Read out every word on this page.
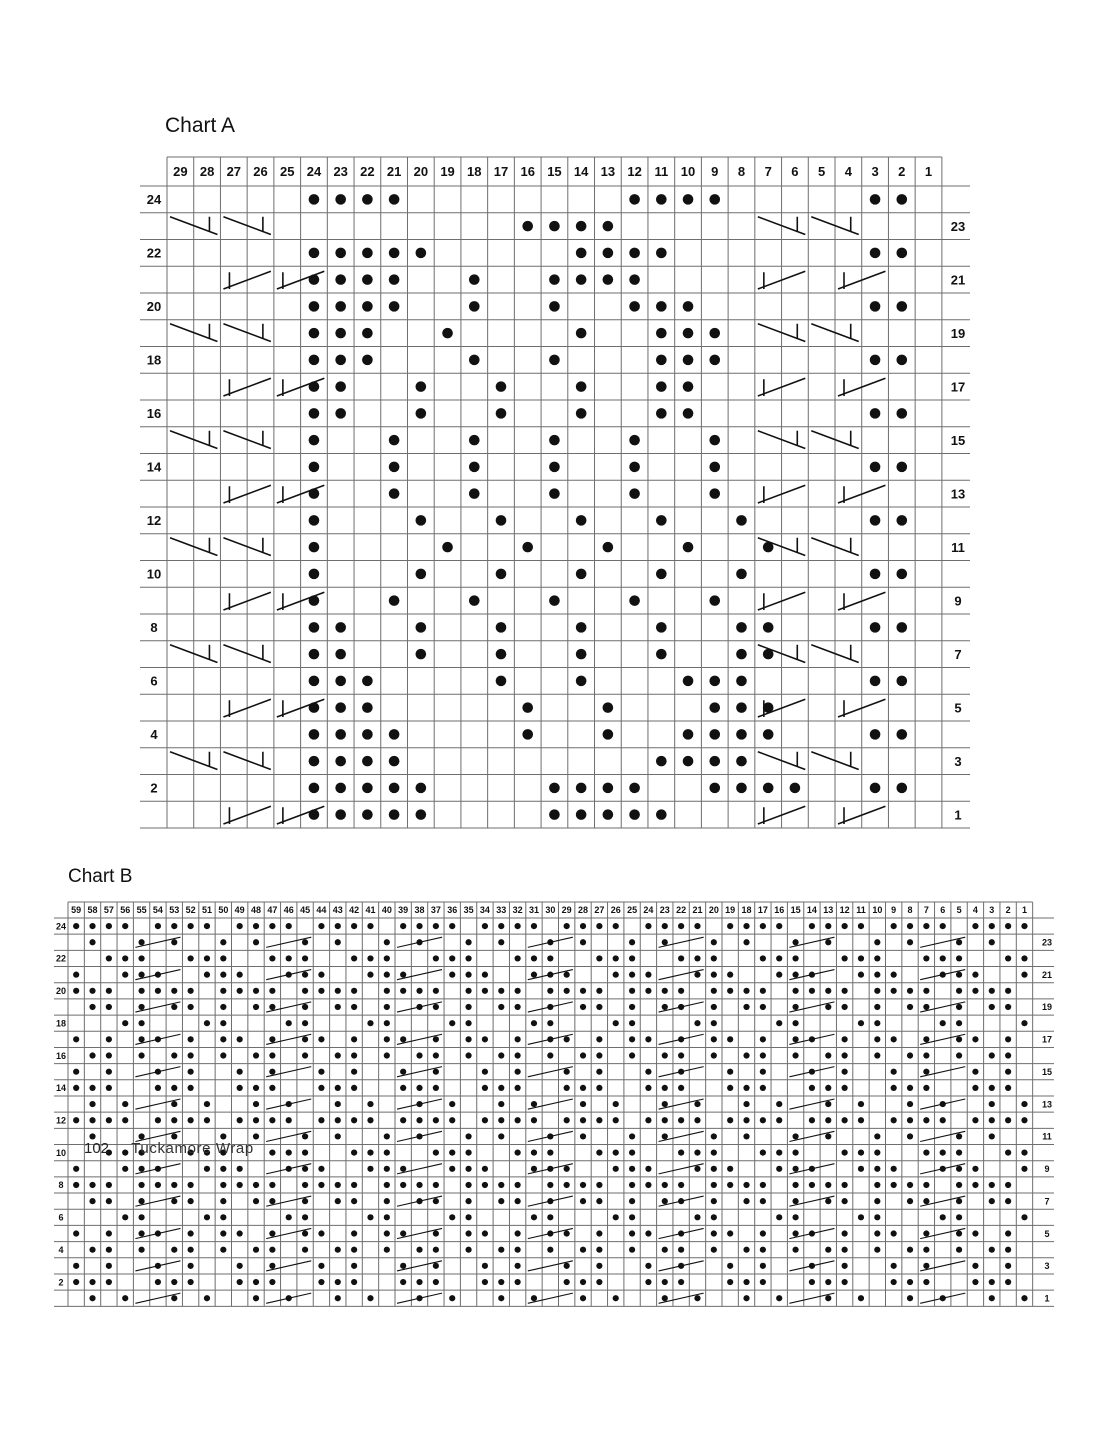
Chart A
29 28 27 26 25 24 23 22 21 20 19 18 17 16 15 14 13 12 11 10 9 8 7 6 5 4 3 2 1
24
22
20
18
16
14
12
10
8
6
4
2
23
21
19
17
15
13
11
9
7
5
3
1
Chart B
59 58 57 56 55 54 53 52 51 50 49 48 47 46 45 44 43 42 41 40 39 38 37 36 35 34 33 32 31 30 29 28 27 26 25 24 23 22 21 20 19 18 17 16 15 14 13 12 11 10 9 8 7 6 5 4 3 2 1
24
22
20
18
16
14
12
10
8
6
4
2
23
21
19
17
15
13
11
9
7
5
3
1
102 Tuckamore Wrap
